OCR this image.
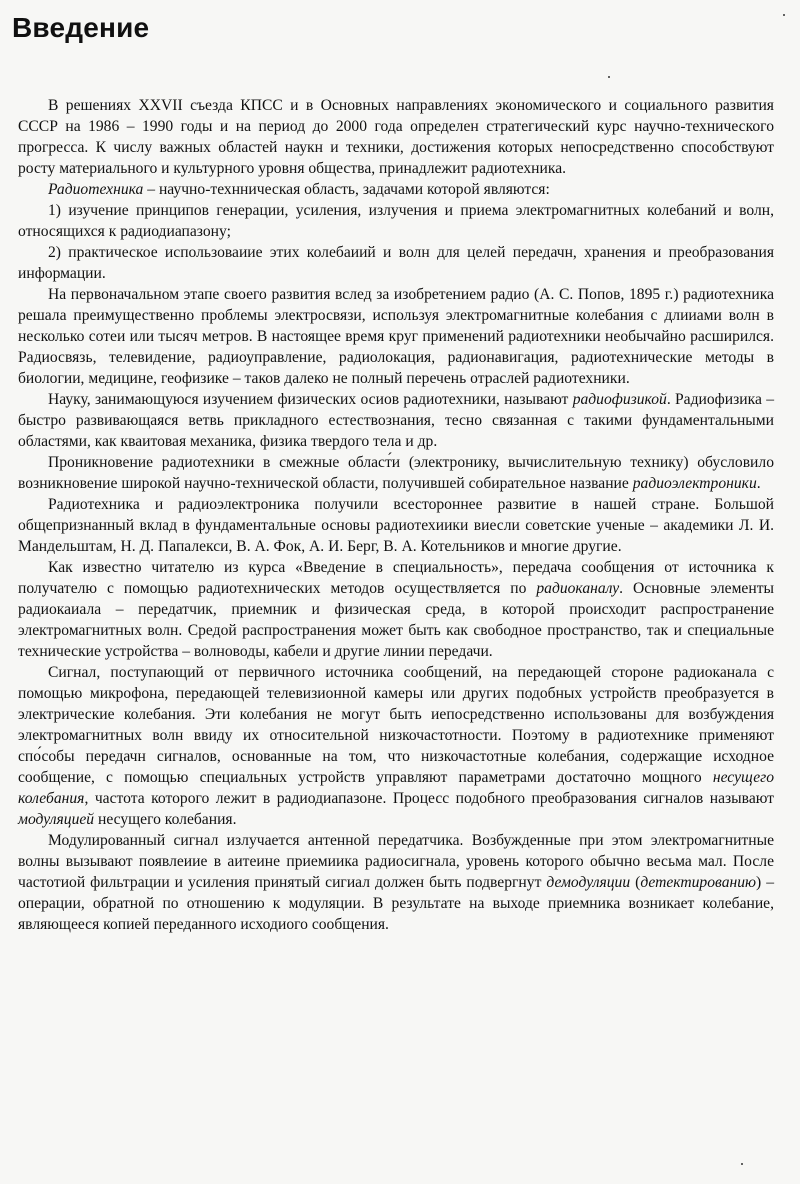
Введение

В решениях XXVII съезда КПСС и в Основных направлениях экономического и социального развития СССР на 1986 – 1990 годы и на период до 2000 года определен стратегический курс научно-технического прогресса. К числу важных областей наукн и техники, достижения которых непосредственно способствуют росту материального и культурного уровня общества, принадлежит радиотехника.

Радиотехника – научно-технническая область, задачами которой являются:

1) изучение принципов генерации, усиления, излучения и приема электромагнитных колебаний и волн, относящихся к радиодиапазону;

2) практическое использоваиие этих колебаиий и волн для целей передачн, хранения и преобразования информации.

На первоначальном этапе своего развития вслед за изобретением радио (А. С. Попов, 1895 г.) радиотехника решала преимущественно проблемы электросвязи, используя электромагнитные колебания с длииами волн в несколько сотеи или тысяч метров. В настоящее время круг применений радиотехники необычайно расширился. Радиосвязь, телевидение, радиоуправление, радиолокация, радионавигация, радиотехнические методы в биологии, медицине, геофизике – таков далеко не полный перечень отраслей радиотехники.

Науку, занимающуюся изучением физических осиов радиотехники, называют радиофизикой. Радиофизика – быстро развивающаяся ветвь прикладного естествознания, тесно связанная с такими фундаментальными областями, как кваитовая механика, физика твердого тела и др.

Проникновение радиотехники в смежные област́и (электронику, вычислительную технику) обусловило возникновение широкой научно-технической области, получившей собирательное название радиоэлектроники.

Радиотехника и радиоэлектроника получили всестороннее развитие в нашей стране. Большой общепризнанный вклад в фундаментальные основы радиотехиики виесли советские ученые – академики Л. И. Мандельштам, Н. Д. Папалекси, В. А. Фок, А. И. Берг, В. А. Котельников и многие другие.

Как известно читателю из курса «Введение в специальность», передача сообщения от источника к получателю с помощью радиотехнических методов осуществляется по радиоканалу. Основные элементы радиокаиала – передатчик, приемник и физическая среда, в которой происходит распространение электромагнитных волн. Средой распространения может быть как свободное пространство, так и специальные технические устройства – волноводы, кабели и другие линии передачи.

Сигнал, поступающий от первичного источника сообщений, на передающей стороне радиоканала с помощью микрофона, передающей телевизионной камеры или других подобных устройств преобразуется в электрические колебания. Эти колебания не могут быть иепосредственно использованы для возбуждения электромагнитных волн ввиду их относительной низкочастотности. Поэтому в радиотехнике применяют спо́собы передачн сигналов, основанные на том, что низкочастотные колебания, содержащие исходное сообщение, с помощью специальных устройств управляют параметрами достаточно мощного несущего колебания, частота которого лежит в радиодиапазоне. Процесс подобного преобразования сигналов называют модуляцией несущего колебания.

Модулированный сигнал излучается антенной передатчика. Возбужденные при этом электромагнитные волны вызывают появлеиие в аитеине приемиика радиосигнала, уровень которого обычно весьма мал. После частотиой фильтрации и усиления принятый сигиал должен быть подвергнут демодуляции (детектированию) – операции, обратной по отношению к модуляции. В результате на выходе приемника возникает колебание, являющееся копией переданного исходиого сообщения.
